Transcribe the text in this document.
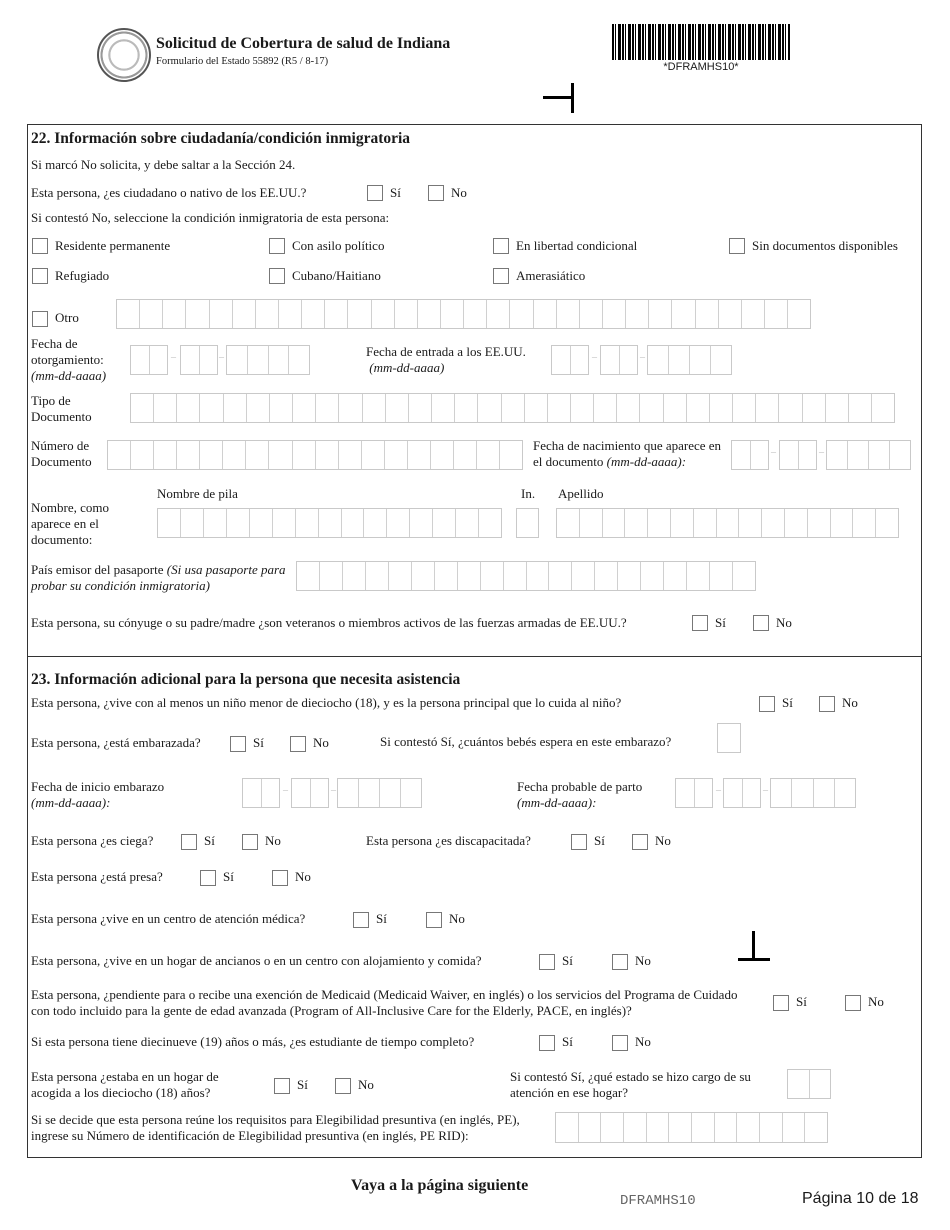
Solicitud de Cobertura de salud de Indiana
Formulario del Estado 55892 (R5 / 8-17)	*DFRAMHS10*
22. Información sobre ciudadanía/condición inmigratoria
Si marcó No solicita, y debe saltar a la Sección 24.
Esta persona, ¿es ciudadano o nativo de los EE.UU.?	Sí	No
Si contestó No, seleccione la condición inmigratoria de esta persona:
Residente permanente	Con asilo político	En libertad condicional	Sin documentos disponibles
Refugiado	Cubano/Haitiano	Amerasiático
Otro
Fecha de otorgamiento:
(mm-dd-aaaa)
–	–	Fecha de entrada a los EE.UU.
(mm-dd-aaaa)
–	–
Tipo de Documento
Número de Documento
Fecha de nacimiento que aparece en el documento (mm-dd-aaaa):
–	–
Nombre de pila	In. Apellido
Nombre, como aparece en el documento:
País emisor del pasaporte (Si usa pasaporte para probar su condición inmigratoria)
Esta persona, su cónyuge o su padre/madre ¿son veteranos o miembros activos de las fuerzas armadas de EE.UU.?	Sí	No
23. Información adicional para la persona que necesita asistencia
Esta persona, ¿vive con al menos un niño menor de dieciocho (18), y es la persona principal que lo cuida al niño?	Sí	No
Esta persona, ¿está embarazada?	Sí	No	Si contestó Sí, ¿cuántos bebés espera en este embarazo?
Fecha de inicio embarazo
(mm-dd-aaaa):
–	–	Fecha probable de parto
(mm-dd-aaaa):
–	–
Esta persona ¿es ciega?	Sí	No	Esta persona ¿es discapacitada?	Sí	No
Esta persona ¿está presa?	Sí	No
Esta persona ¿vive en un centro de atención médica?	Sí	No
Esta persona, ¿vive en un hogar de ancianos o en un centro con alojamiento y comida?	Sí	No
Esta persona, ¿pendiente para o recibe una exención de Medicaid (Medicaid Waiver, en inglés) o los servicios del Programa de Cuidado con todo incluido para la gente de edad avanzada (Program of All-Inclusive Care for the Elderly, PACE, en inglés)?
Sí	No
Si esta persona tiene diecinueve (19) años o más, ¿es estudiante de tiempo completo?	Sí	No
Esta persona ¿estaba en un hogar de acogida a los dieciocho (18) años?
Sí	No
Si contestó Sí, ¿qué estado se hizo cargo de su atención en ese hogar?
Si se decide que esta persona reúne los requisitos para Elegibilidad presuntiva (en inglés, PE), ingrese su Número de identificación de Elegibilidad presuntiva (en inglés, PE RID):
Vaya a la página siguiente
DFRAMHS10	Página 10 de 18
